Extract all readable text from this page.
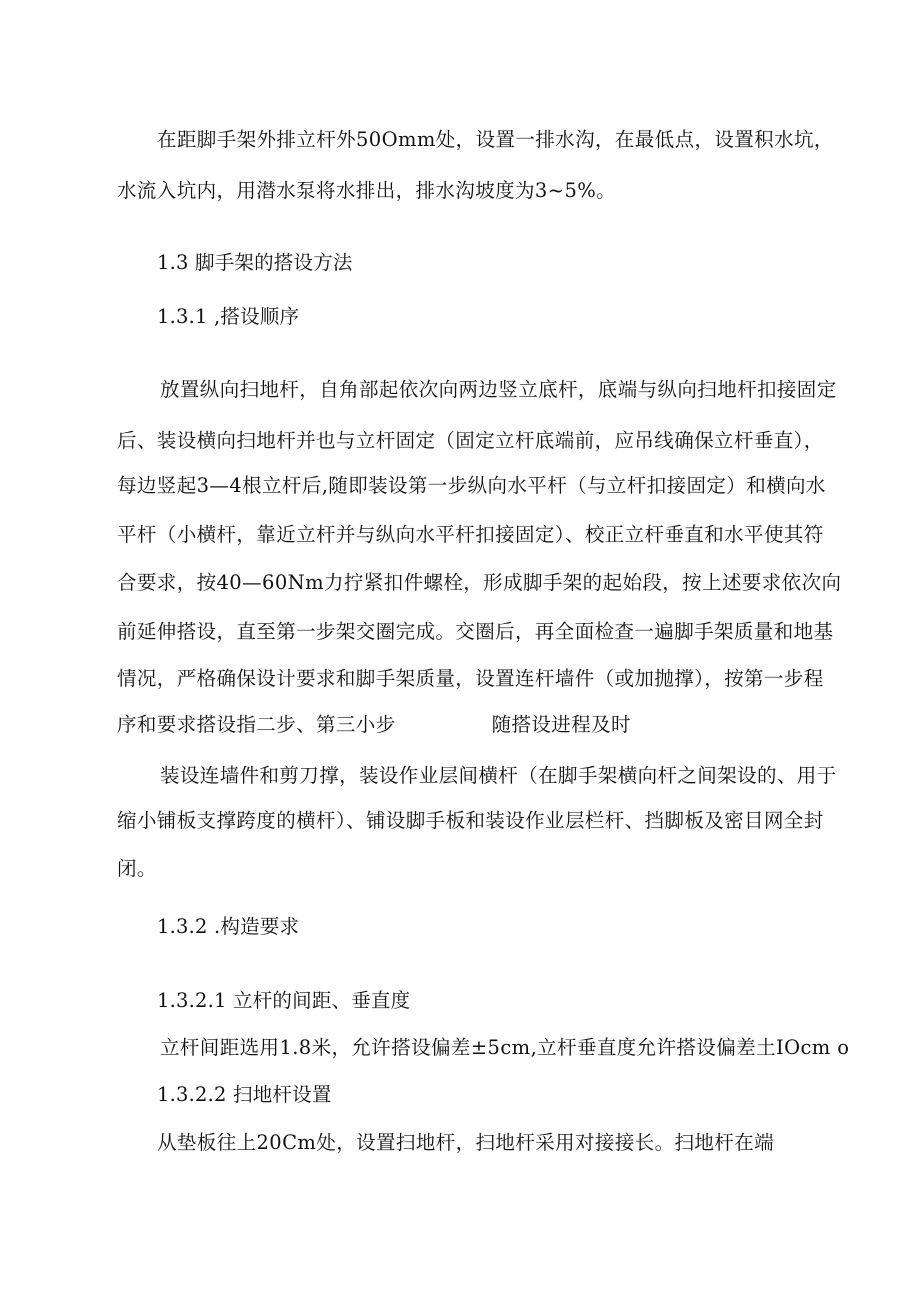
在距脚手架外排立杆外50Omm处，设置一排水沟，在最低点，设置积水坑，
水流入坑内，用潜水泵将水排出，排水沟坡度为3~5%。
1.3 脚手架的搭设方法
1.3.1 ,搭设顺序
放置纵向扫地杆，自角部起依次向两边竖立底杆，底端与纵向扫地杆扣接固定
后、装设横向扫地杆并也与立杆固定（固定立杆底端前，应吊线确保立杆垂直），
每边竖起3—4根立杆后,随即装设第一步纵向水平杆（与立杆扣接固定）和横向水
平杆（小横杆，靠近立杆并与纵向水平杆扣接固定）、校正立杆垂直和水平使其符
合要求，按40—60Nm力拧紧扣件螺栓，形成脚手架的起始段，按上述要求依次向
前延伸搭设，直至第一步架交圈完成。交圈后，再全面检查一遍脚手架质量和地基
情况，严格确保设计要求和脚手架质量，设置连杆墙件（或加抛撑），按第一步程
序和要求搭设指二步、第三小步	随搭设进程及时
装设连墙件和剪刀撑，装设作业层间横杆（在脚手架横向杆之间架设的、用于
缩小铺板支撑跨度的横杆）、铺设脚手板和装设作业层栏杆、挡脚板及密目网全封
闭。
1.3.2 .构造要求
1.3.2.1 立杆的间距、垂直度
立杆间距选用1.8米，允许搭设偏差±5cm,立杆垂直度允许搭设偏差土IOcm o
1.3.2.2 扫地杆设置
从垫板往上20Cm处，设置扫地杆，扫地杆采用对接接长。扫地杆在端
